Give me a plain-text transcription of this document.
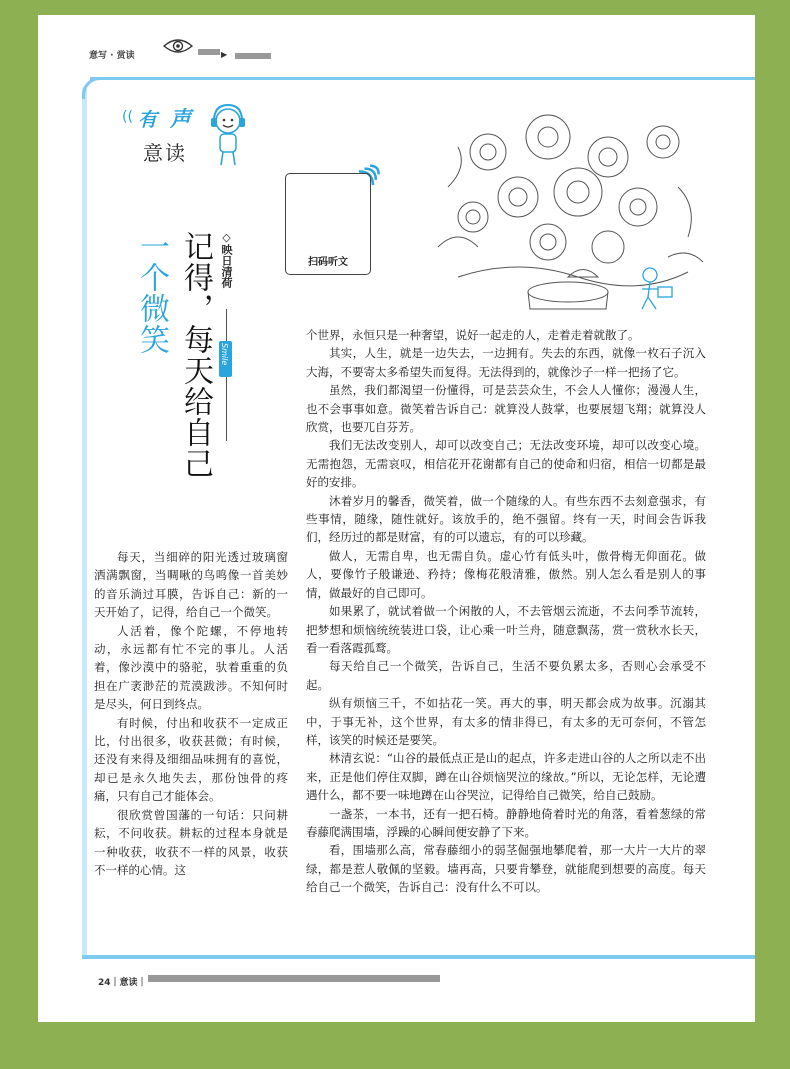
意写 · 赏读	▶
(( 有 声
意读
扫码听文
◇映日清荷
Smile
记得，每天给自己
一个微笑

每天，当细碎的阳光透过玻璃窗洒满飘窗，当啁啾的鸟鸣像一首美妙的音乐淌过耳膜，告诉自己：新的一天开始了，记得，给自己一个微笑。

人活着，像个陀螺，不停地转动，永远都有忙不完的事儿。人活着，像沙漠中的骆驼，驮着重重的负担在广袤渺茫的荒漠跋涉。不知何时是尽头，何日到终点。

有时候，付出和收获不一定成正比，付出很多，收获甚微；有时候，还没有来得及细细品味拥有的喜悦，却已是永久地失去，那份蚀骨的疼痛，只有自己才能体会。

很欣赏曾国藩的一句话：只问耕耘，不问收获。耕耘的过程本身就是一种收获，收获不一样的风景，收获不一样的心情。这

个世界，永恒只是一种奢望，说好一起走的人，走着走着就散了。

其实，人生，就是一边失去，一边拥有。失去的东西，就像一枚石子沉入大海，不要寄太多希望失而复得。无法得到的，就像沙子一样一把扬了它。

虽然，我们都渴望一份懂得，可是芸芸众生，不会人人懂你；漫漫人生，也不会事事如意。微笑着告诉自己：就算没人鼓掌，也要展翅飞翔；就算没人欣赏，也要兀自芬芳。

我们无法改变别人，却可以改变自己；无法改变环境，却可以改变心境。无需抱怨，无需哀叹，相信花开花谢都有自己的使命和归宿，相信一切都是最好的安排。

沐着岁月的馨香，微笑着，做一个随缘的人。有些东西不去刻意强求，有些事情，随缘，随性就好。该放手的，绝不强留。终有一天，时间会告诉我们，经历过的都是财富，有的可以遗忘，有的可以珍藏。

做人，无需自卑，也无需自负。虚心竹有低头叶，傲骨梅无仰面花。做人，要像竹子般谦逊、矜持；像梅花般清雅，傲然。别人怎么看是别人的事情，做最好的自己即可。

如果累了，就试着做一个闲散的人，不去管烟云流逝，不去问季节流转，把梦想和烦恼统统装进口袋，让心乘一叶兰舟，随意飘荡，赏一赏秋水长天，看一看落霞孤鹜。

每天给自己一个微笑，告诉自己，生活不要负累太多，否则心会承受不起。

纵有烦恼三千，不如拈花一笑。再大的事，明天都会成为故事。沉溺其中，于事无补，这个世界，有太多的情非得已，有太多的无可奈何，不管怎样，该笑的时候还是要笑。

林清玄说：“山谷的最低点正是山的起点，许多走进山谷的人之所以走不出来，正是他们停住双脚，蹲在山谷烦恼哭泣的缘故。”所以，无论怎样，无论遭遇什么，都不要一味地蹲在山谷哭泣，记得给自己微笑，给自己鼓励。

一盏茶，一本书，还有一把石椅。静静地倚着时光的角落，看着葱绿的常春藤爬满围墙，浮躁的心瞬间便安静了下来。

看，围墙那么高，常春藤细小的弱茎倔强地攀爬着，那一大片一大片的翠绿，都是惹人敬佩的坚毅。墙再高，只要肯攀登，就能爬到想要的高度。每天给自己一个微笑，告诉自己：没有什么不可以。

24｜意读｜
